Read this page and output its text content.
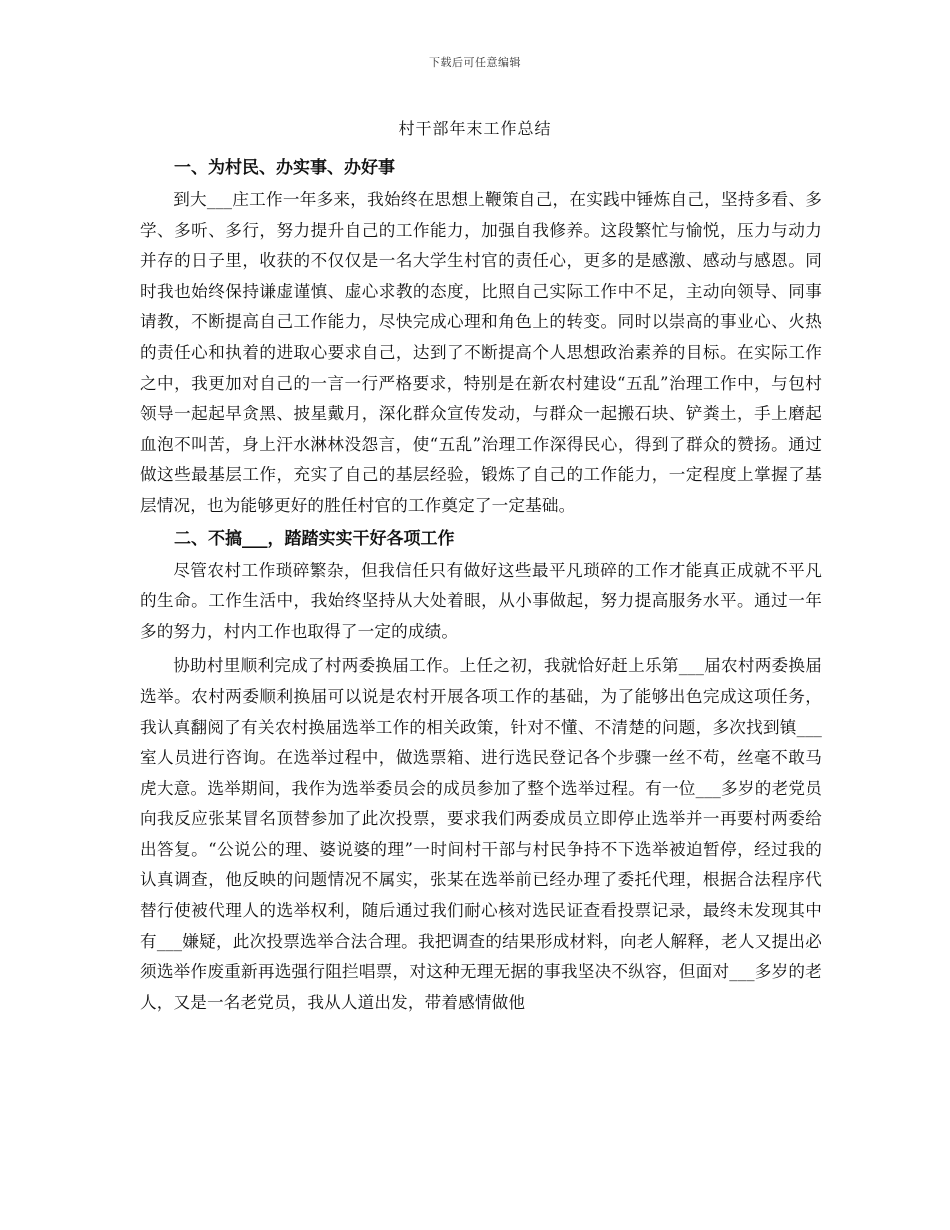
下载后可任意编辑
村干部年末工作总结
一、为村民、办实事、办好事

到大___庄工作一年多来，我始终在思想上鞭策自己，在实践中锤炼自己，坚持多看、多学、多听、多行，努力提升自己的工作能力，加强自我修养。这段繁忙与愉悦，压力与动力并存的日子里，收获的不仅仅是一名大学生村官的责任心，更多的是感激、感动与感恩。同时我也始终保持谦虚谨慎、虚心求教的态度，比照自己实际工作中不足，主动向领导、同事请教，不断提高自己工作能力，尽快完成心理和角色上的转变。同时以崇高的事业心、火热的责任心和执着的进取心要求自己，达到了不断提高个人思想政治素养的目标。在实际工作之中，我更加对自己的一言一行严格要求，特别是在新农村建设“五乱”治理工作中，与包村领导一起起早贪黑、披星戴月，深化群众宣传发动，与群众一起搬石块、铲粪土，手上磨起血泡不叫苦，身上汗水淋林没怨言，使“五乱”治理工作深得民心，得到了群众的赞扬。通过做这些最基层工作，充实了自己的基层经验，锻炼了自己的工作能力，一定程度上掌握了基层情况，也为能够更好的胜任村官的工作奠定了一定基础。

二、不搞___，踏踏实实干好各项工作

尽管农村工作琐碎繁杂，但我信任只有做好这些最平凡琐碎的工作才能真正成就不平凡的生命。工作生活中，我始终坚持从大处着眼，从小事做起，努力提高服务水平。通过一年多的努力，村内工作也取得了一定的成绩。

协助村里顺利完成了村两委换届工作。上任之初，我就恰好赶上乐第___届农村两委换届选举。农村两委顺利换届可以说是农村开展各项工作的基础，为了能够出色完成这项任务，我认真翻阅了有关农村换届选举工作的相关政策，针对不懂、不清楚的问题，多次找到镇___室人员进行咨询。在选举过程中，做选票箱、进行选民登记各个步骤一丝不苟，丝毫不敢马虎大意。选举期间，我作为选举委员会的成员参加了整个选举过程。有一位___多岁的老党员向我反应张某冒名顶替参加了此次投票，要求我们两委成员立即停止选举并一再要村两委给出答复。“公说公的理、婆说婆的理”一时间村干部与村民争持不下选举被迫暂停，经过我的认真调查，他反映的问题情况不属实，张某在选举前已经办理了委托代理，根据合法程序代替行使被代理人的选举权利，随后通过我们耐心核对选民证查看投票记录，最终未发现其中有___嫌疑，此次投票选举合法合理。我把调查的结果形成材料，向老人解释，老人又提出必须选举作废重新再选强行阻拦唱票，对这种无理无据的事我坚决不纵容，但面对___多岁的老人，又是一名老党员，我从人道出发，带着感情做他
